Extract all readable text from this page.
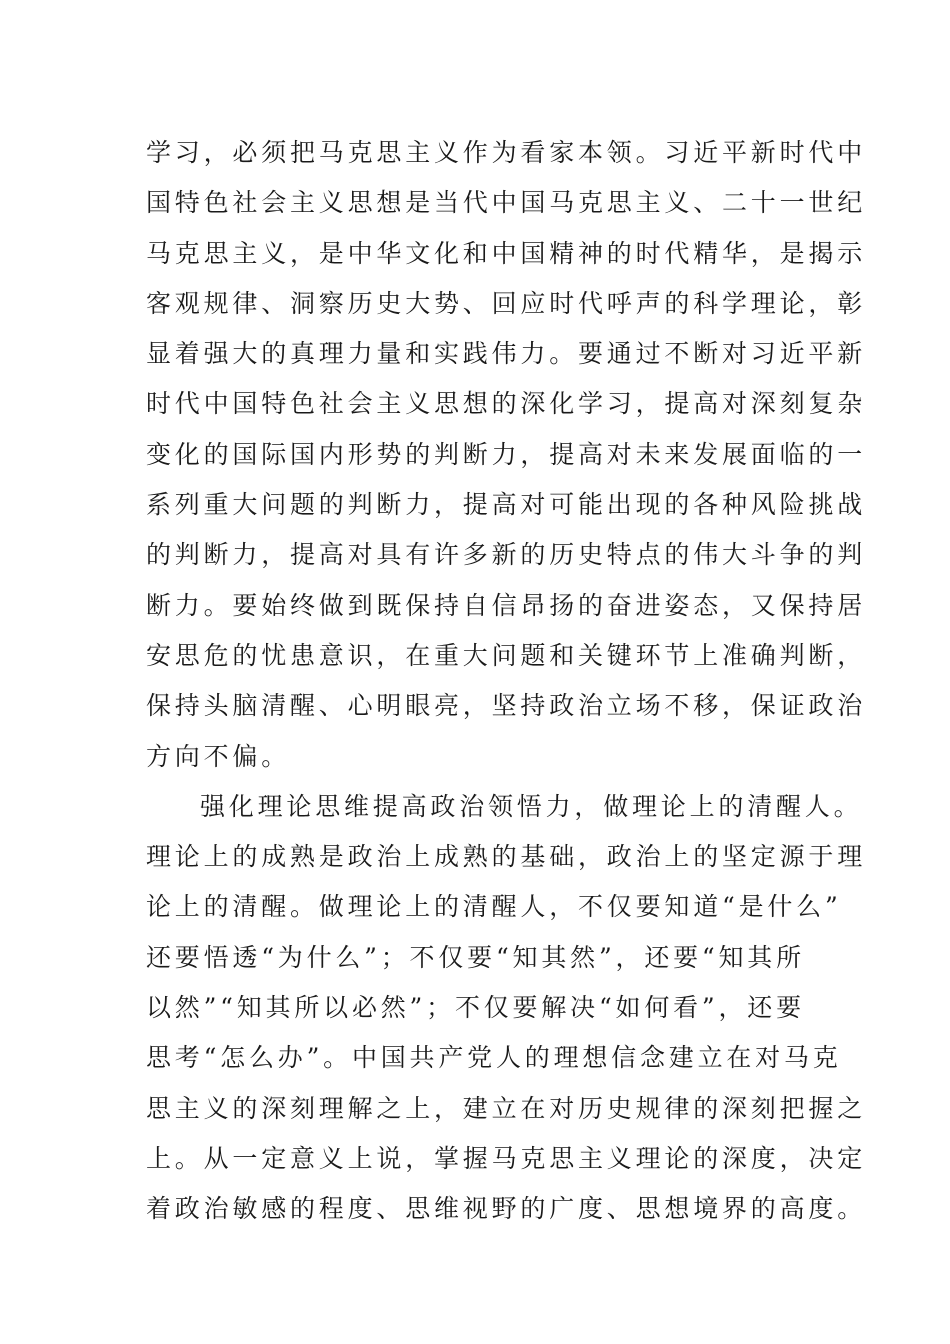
学习，必须把马克思主义作为看家本领。习近平新时代中
国特色社会主义思想是当代中国马克思主义、二十一世纪
马克思主义，是中华文化和中国精神的时代精华，是揭示
客观规律、洞察历史大势、回应时代呼声的科学理论，彰
显着强大的真理力量和实践伟力。要通过不断对习近平新
时代中国特色社会主义思想的深化学习，提高对深刻复杂
变化的国际国内形势的判断力，提高对未来发展面临的一
系列重大问题的判断力，提高对可能出现的各种风险挑战
的判断力，提高对具有许多新的历史特点的伟大斗争的判
断力。要始终做到既保持自信昂扬的奋进姿态，又保持居
安思危的忧患意识，在重大问题和关键环节上准确判断，
保持头脑清醒、心明眼亮，坚持政治立场不移，保证政治
方向不偏。
强化理论思维提高政治领悟力，做理论上的清醒人。
理论上的成熟是政治上成熟的基础，政治上的坚定源于理
论上的清醒。做理论上的清醒人，不仅要知道“是什么”
还要悟透“为什么”；不仅要“知其然”，还要“知其所
以然”“知其所以必然”；不仅要解决“如何看”，还要
思考“怎么办”。中国共产党人的理想信念建立在对马克
思主义的深刻理解之上，建立在对历史规律的深刻把握之
上。从一定意义上说，掌握马克思主义理论的深度，决定
着政治敏感的程度、思维视野的广度、思想境界的高度。
